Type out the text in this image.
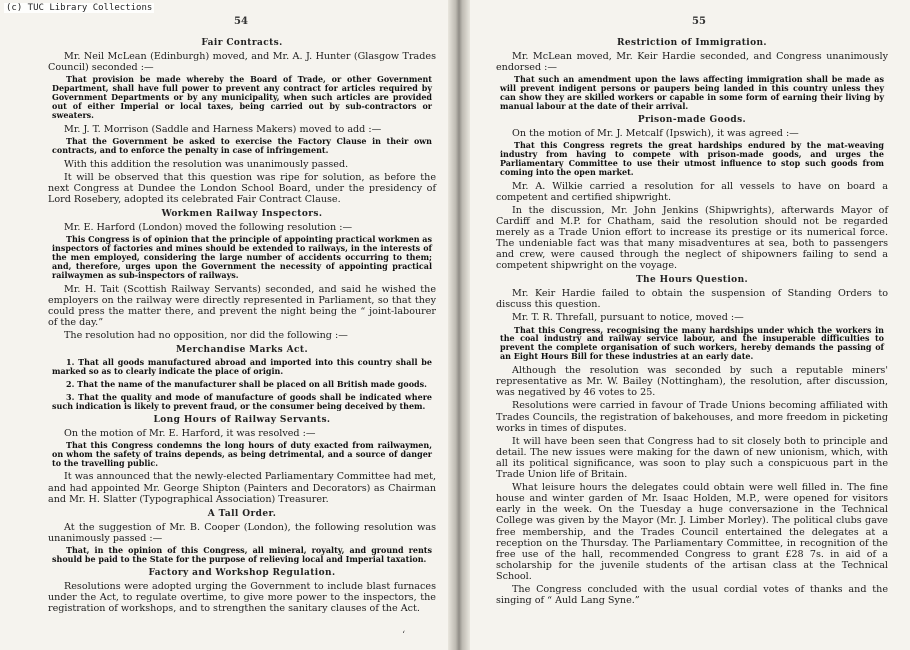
(c) TUC Library Collections
54
Fair Contracts.
Mr. Neil McLean (Edinburgh) moved, and Mr. A. J. Hunter (Glasgow Trades Council) seconded :—
That provision be made whereby the Board of Trade, or other Government Department, shall have full power to prevent any contract for articles required by Government Departments or by any municipality, when such articles are provided out of either Imperial or local taxes, being carried out by sub-contractors or sweaters.
Mr. J. T. Morrison (Saddle and Harness Makers) moved to add :—
That the Government be asked to exercise the Factory Clause in their own contracts, and to enforce the penalty in case of infringement.
With this addition the resolution was unanimously passed.
It will be observed that this question was ripe for solution, as before the next Congress at Dundee the London School Board, under the presidency of Lord Rosebery, adopted its celebrated Fair Contract Clause.
Workmen Railway Inspectors.
Mr. E. Harford (London) moved the following resolution :—
This Congress is of opinion that the principle of appointing practical workmen as inspectors of factories and mines should be extended to railways, in the interests of the men employed, considering the large number of accidents occurring to them; and, therefore, urges upon the Government the necessity of appointing practical railwaymen as sub-inspectors of railways.
Mr. H. Tait (Scottish Railway Servants) seconded, and said he wished the employers on the railway were directly represented in Parliament, so that they could press the matter there, and prevent the night being the “ joint-labourer of the day.”
The resolution had no opposition, nor did the following :—
Merchandise Marks Act.
1. That all goods manufactured abroad and imported into this country shall be marked so as to clearly indicate the place of origin.
2. That the name of the manufacturer shall be placed on all British made goods.
3. That the quality and mode of manufacture of goods shall be indicated where such indication is likely to prevent fraud, or the consumer being deceived by them.
Long Hours of Railway Servants.
On the motion of Mr. E. Harford, it was resolved :—
That this Congress condemns the long hours of duty exacted from railwaymen, on whom the safety of trains depends, as being detrimental, and a source of danger to the travelling public.
It was announced that the newly-elected Parliamentary Committee had met, and had appointed Mr. George Shipton (Painters and Decorators) as Chairman and Mr. H. Slatter (Typographical Association) Treasurer.
A Tall Order.
At the suggestion of Mr. B. Cooper (London), the following resolution was unanimously passed :—
That, in the opinion of this Congress, all mineral, royalty, and ground rents should be paid to the State for the purpose of relieving local and Imperial taxation.
Factory and Workshop Regulation.
Resolutions were adopted urging the Government to include blast furnaces under the Act, to regulate overtime, to give more power to the inspectors, the registration of workshops, and to strengthen the sanitary clauses of the Act.
‘
55
Restriction of Immigration.
Mr. McLean moved, Mr. Keir Hardie seconded, and Congress unanimously endorsed :—
That such an amendment upon the laws affecting immigration shall be made as will prevent indigent persons or paupers being landed in this country unless they can show they are skilled workers or capable in some form of earning their living by manual labour at the date of their arrival.
Prison-made Goods.
On the motion of Mr. J. Metcalf (Ipswich), it was agreed :—
That this Congress regrets the great hardships endured by the mat-weaving industry from having to compete with prison-made goods, and urges the Parliamentary Committee to use their utmost influence to stop such goods from coming into the open market.
Mr. A. Wilkie carried a resolution for all vessels to have on board a competent and certified shipwright.
In the discussion, Mr. John Jenkins (Shipwrights), afterwards Mayor of Cardiff and M.P. for Chatham, said the resolution should not be regarded merely as a Trade Union effort to increase its prestige or its numerical force. The undeniable fact was that many misadventures at sea, both to passengers and crew, were caused through the neglect of shipowners failing to send a competent shipwright on the voyage.
The Hours Question.
Mr. Keir Hardie failed to obtain the suspension of Standing Orders to discuss this question.
Mr. T. R. Threfall, pursuant to notice, moved :—
That this Congress, recognising the many hardships under which the workers in the coal industry and railway service labour, and the insuperable difficulties to prevent the complete organisation of such workers, hereby demands the passing of an Eight Hours Bill for these industries at an early date.
Although the resolution was seconded by such a reputable miners' representative as Mr. W. Bailey (Nottingham), the resolution, after discussion, was negatived by 46 votes to 25.
Resolutions were carried in favour of Trade Unions becoming affiliated with Trades Councils, the registration of bakehouses, and more freedom in picketing works in times of disputes.
It will have been seen that Congress had to sit closely both to principle and detail. The new issues were making for the dawn of new unionism, which, with all its political significance, was soon to play such a conspicuous part in the Trade Union life of Britain.
What leisure hours the delegates could obtain were well filled in. The fine house and winter garden of Mr. Isaac Holden, M.P., were opened for visitors early in the week. On the Tuesday a huge conversazione in the Technical College was given by the Mayor (Mr. J. Limber Morley). The political clubs gave free membership, and the Trades Council entertained the delegates at a reception on the Thursday. The Parliamentary Committee, in recognition of the free use of the hall, recommended Congress to grant £28 7s. in aid of a scholarship for the juvenile students of the artisan class at the Technical School.
The Congress concluded with the usual cordial votes of thanks and the singing of “ Auld Lang Syne.”
